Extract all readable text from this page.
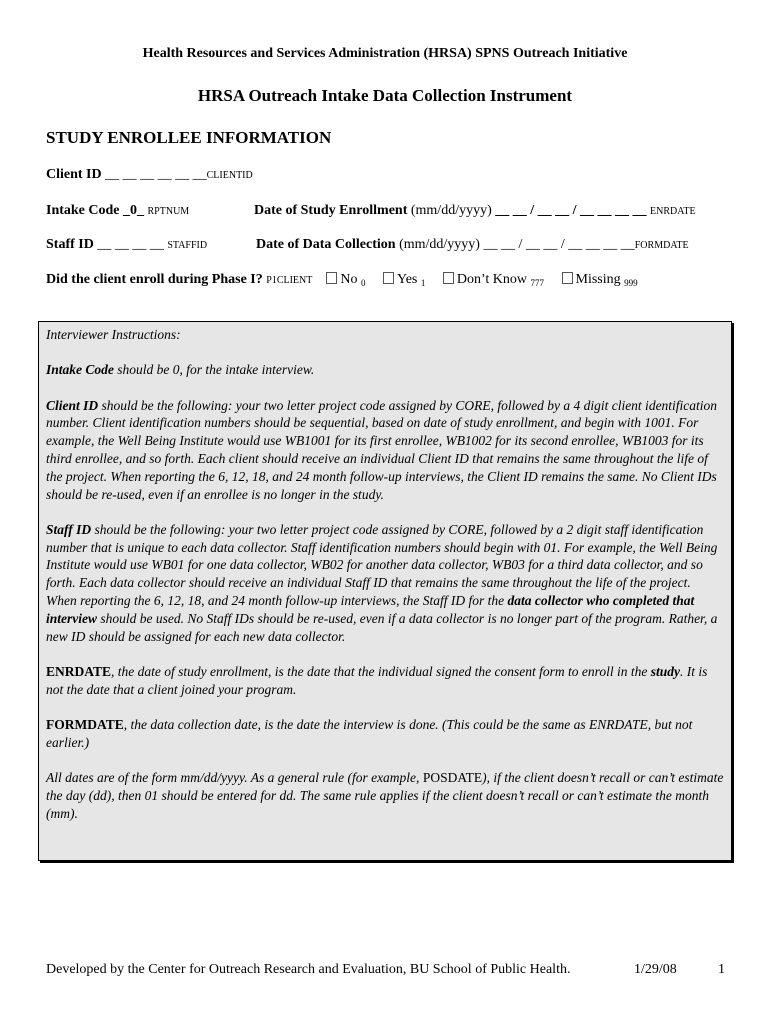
Health Resources and Services Administration (HRSA) SPNS Outreach Initiative
HRSA Outreach Intake Data Collection Instrument
STUDY ENROLLEE INFORMATION
Client ID __ __ __ __ __ __CLIENTID
Intake Code _0_ RPTNUM	Date of Study Enrollment (mm/dd/yyyy) __ __ / __ __ / __ __ __ __ ENRDATE
Staff ID __ __ __ __ STAFFID	Date of Data Collection (mm/dd/yyyy) __ __ / __ __ / __ __ __ __FORMDATE
Did the client enroll during Phase I? P1CLIENT No $_0$ Yes $_1$ Don’t Know $_{777}$ Missing $_{999}$

Interviewer Instructions:

Intake Code should be 0, for the intake interview.

Client ID should be the following: your two letter project code assigned by CORE, followed by a 4 digit client identification number. Client identification numbers should be sequential, based on date of study enrollment, and begin with 1001. For example, the Well Being Institute would use WB1001 for its first enrollee, WB1002 for its second enrollee, WB1003 for its third enrollee, and so forth. Each client should receive an individual Client ID that remains the same throughout the life of the project. When reporting the 6, 12, 18, and 24 month follow-up interviews, the Client ID remains the same. No Client IDs should be re-used, even if an enrollee is no longer in the study.

Staff ID should be the following: your two letter project code assigned by CORE, followed by a 2 digit staff identification number that is unique to each data collector. Staff identification numbers should begin with 01. For example, the Well Being Institute would use WB01 for one data collector, WB02 for another data collector, WB03 for a third data collector, and so forth. Each data collector should receive an individual Staff ID that remains the same throughout the life of the project. When reporting the 6, 12, 18, and 24 month follow-up interviews, the Staff ID for the data collector who completed that interview should be used. No Staff IDs should be re-used, even if a data collector is no longer part of the program. Rather, a new ID should be assigned for each new data collector.

ENRDATE, the date of study enrollment, is the date that the individual signed the consent form to enroll in the study. It is not the date that a client joined your program.

FORMDATE, the data collection date, is the date the interview is done. (This could be the same as ENRDATE, but not earlier.)

All dates are of the form mm/dd/yyyy. As a general rule (for example, POSDATE), if the client doesn’t recall or can’t estimate the day (dd), then 01 should be entered for dd. The same rule applies if the client doesn’t recall or can’t estimate the month (mm).

Developed by the Center for Outreach Research and Evaluation, BU School of Public Health.	1/29/08	1
